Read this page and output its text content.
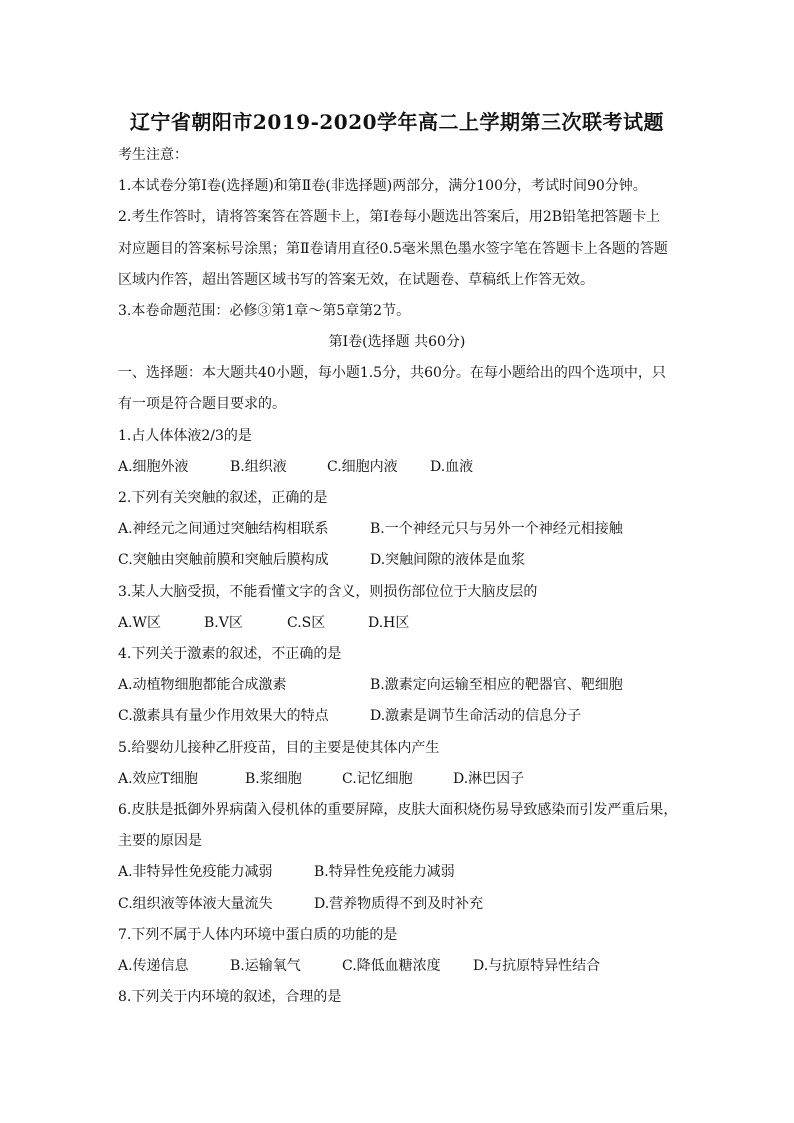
辽宁省朝阳市2019-2020学年高二上学期第三次联考试题
考生注意：
1.本试卷分第Ⅰ卷(选择题)和第Ⅱ卷(非选择题)两部分，满分100分，考试时间90分钟。
2.考生作答时，请将答案答在答题卡上，第Ⅰ卷每小题选出答案后，用2B铅笔把答题卡上
对应题目的答案标号涂黑；第Ⅱ卷请用直径0.5毫米黑色墨水签字笔在答题卡上各题的答题
区域内作答，超出答题区域书写的答案无效，在试题卷、草稿纸上作答无效。
3.本卷命题范围：必修③第1章～第5章第2节。
第Ⅰ卷(选择题 共60分)
一、选择题：本大题共40小题，每小题1.5分，共60分。在每小题给出的四个选项中，只
有一项是符合题目要求的。
1.占人体体液2/3的是
A.细胞外液	B.组织液	C.细胞内液 D.血液
2.下列有关突触的叙述，正确的是
A.神经元之间通过突触结构相联系	B.一个神经元只与另外一个神经元相接触
C.突触由突触前膜和突触后膜构成	D.突触间隙的液体是血浆
3.某人大脑受损，不能看懂文字的含义，则损伤部位位于大脑皮层的
A.W区	B.V区	C.S区	D.H区
4.下列关于激素的叙述，不正确的是
A.动植物细胞都能合成激素	B.激素定向运输至相应的靶器官、靶细胞
C.激素具有量少作用效果大的特点	D.激素是调节生命活动的信息分子
5.给婴幼儿接种乙肝疫苗，目的主要是使其体内产生
A.效应T细胞	B.浆细胞	C.记忆细胞	D.淋巴因子
6.皮肤是抵御外界病菌入侵机体的重要屏障，皮肤大面积烧伤易导致感染而引发严重后果，
主要的原因是
A.非特异性免疫能力减弱	B.特异性免疫能力减弱
C.组织液等体液大量流失	D.营养物质得不到及时补充
7.下列不属于人体内环境中蛋白质的功能的是
A.传递信息	B.运输氧气	C.降低血糖浓度 D.与抗原特异性结合
8.下列关于内环境的叙述，合理的是
